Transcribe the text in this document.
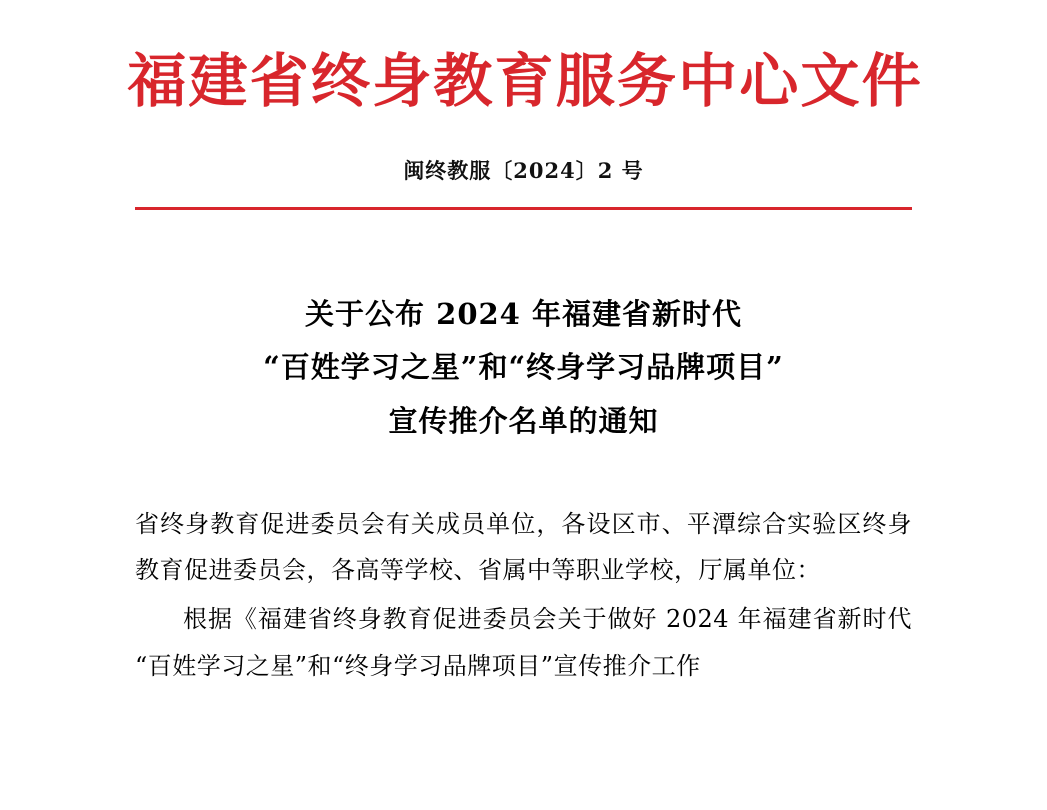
福建省终身教育服务中心文件
闽终教服〔2024〕2 号
关于公布 2024 年福建省新时代
“百姓学习之星”和“终身学习品牌项目”
宣传推介名单的通知

省终身教育促进委员会有关成员单位，各设区市、平潭综合实验区终身教育促进委员会，各高等学校、省属中等职业学校，厅属单位：

根据《福建省终身教育促进委员会关于做好 2024 年福建省新时代“百姓学习之星”和“终身学习品牌项目”宣传推介工作
